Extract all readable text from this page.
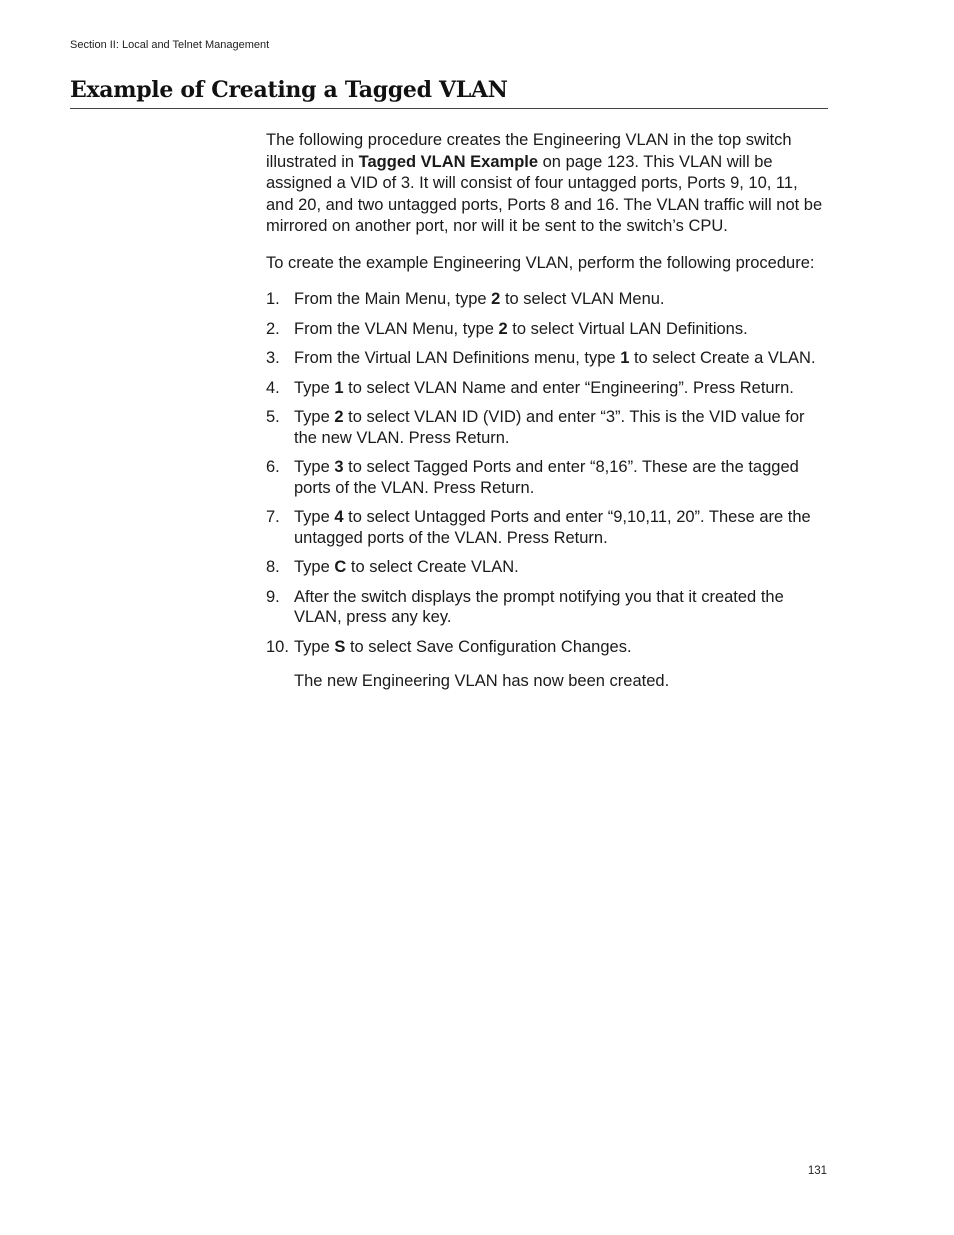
Section II: Local and Telnet Management
Example of Creating a Tagged VLAN

The following procedure creates the Engineering VLAN in the top switch illustrated in Tagged VLAN Example on page 123. This VLAN will be assigned a VID of 3. It will consist of four untagged ports, Ports 9, 10, 11, and 20, and two untagged ports, Ports 8 and 16. The VLAN traffic will not be mirrored on another port, nor will it be sent to the switch’s CPU.

To create the example Engineering VLAN, perform the following procedure:

1. From the Main Menu, type 2 to select VLAN Menu.
2. From the VLAN Menu, type 2 to select Virtual LAN Definitions.
3. From the Virtual LAN Definitions menu, type 1 to select Create a VLAN.
4. Type 1 to select VLAN Name and enter “Engineering”. Press Return.
5. Type 2 to select VLAN ID (VID) and enter “3”. This is the VID value for the new VLAN. Press Return.
6. Type 3 to select Tagged Ports and enter “8,16”. These are the tagged ports of the VLAN. Press Return.
7. Type 4 to select Untagged Ports and enter “9,10,11, 20”. These are the untagged ports of the VLAN. Press Return.
8. Type C to select Create VLAN.
9. After the switch displays the prompt notifying you that it created the VLAN, press any key.
10. Type S to select Save Configuration Changes.

The new Engineering VLAN has now been created.

131
